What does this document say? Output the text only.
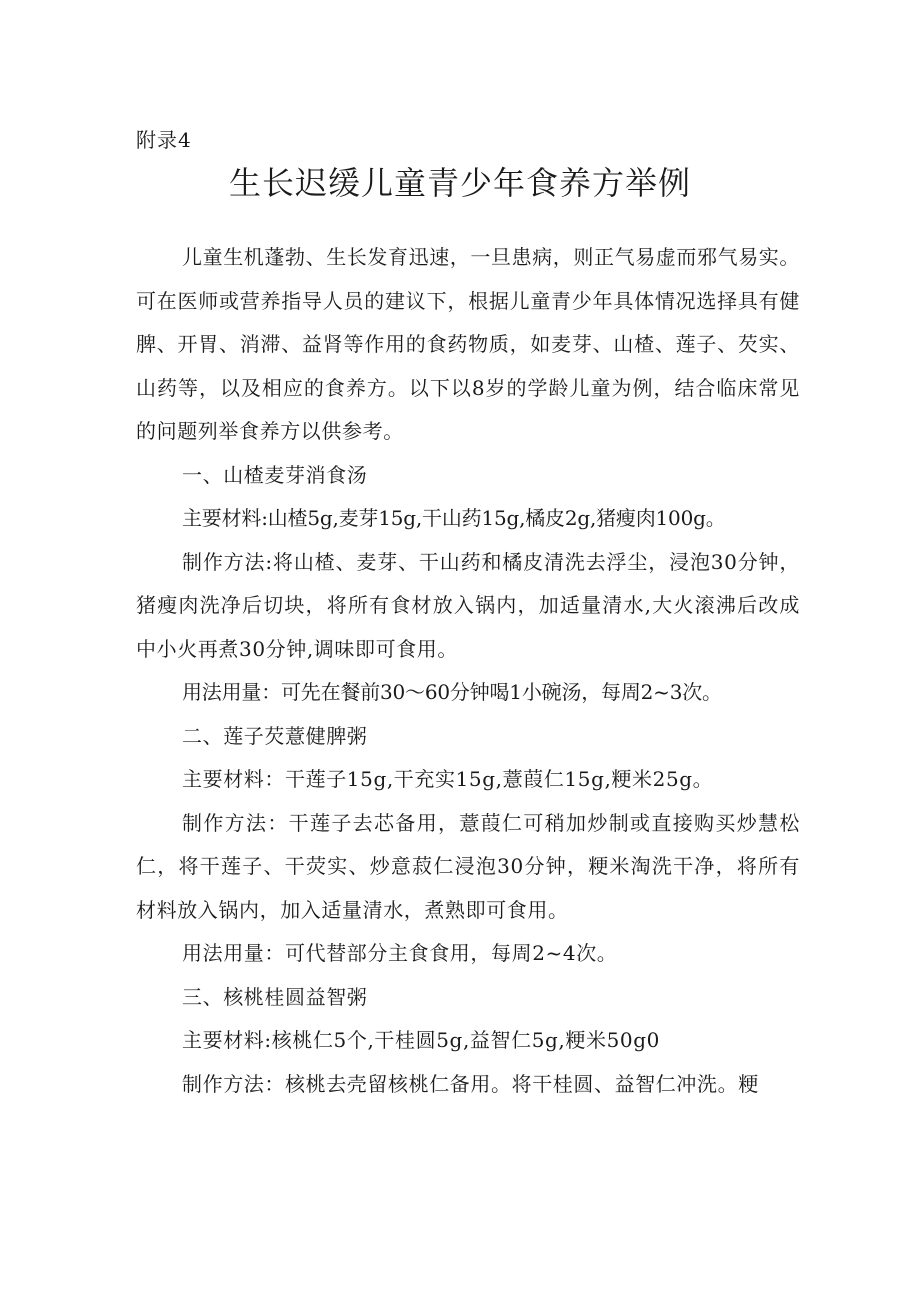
附录4
生长迟缓儿童青少年食养方举例

儿童生机蓬勃、生长发育迅速，一旦患病，则正气易虚而邪气易实。可在医师或营养指导人员的建议下，根据儿童青少年具体情况选择具有健脾、开胃、消滞、益肾等作用的食药物质，如麦芽、山楂、莲子、芡实、山药等，以及相应的食养方。以下以8岁的学龄儿童为例，结合临床常见的问题列举食养方以供参考。

一、山楂麦芽消食汤

主要材料:山楂5g,麦芽15g,干山药15g,橘皮2g,猪瘦肉100g。

制作方法:将山楂、麦芽、干山药和橘皮清洗去浮尘，浸泡30分钟，猪瘦肉洗净后切块，将所有食材放入锅内，加适量清水,大火滚沸后改成中小火再煮30分钟,调味即可食用。

用法用量：可先在餐前30～60分钟喝1小碗汤，每周2~3次。

二、莲子芡薏健脾粥

主要材料：干莲子15g,干充实15g,薏葭仁15g,粳米25g。

制作方法：干莲子去芯备用，薏葭仁可稍加炒制或直接购买炒慧松仁，将干莲子、干荧实、炒意菽仁浸泡30分钟，粳米淘洗干净，将所有材料放入锅内，加入适量清水，煮熟即可食用。

用法用量：可代替部分主食食用，每周2~4次。

三、核桃桂圆益智粥

主要材料:核桃仁5个,干桂圆5g,益智仁5g,粳米50g0

制作方法：核桃去壳留核桃仁备用。将干桂圆、益智仁冲洗。粳
